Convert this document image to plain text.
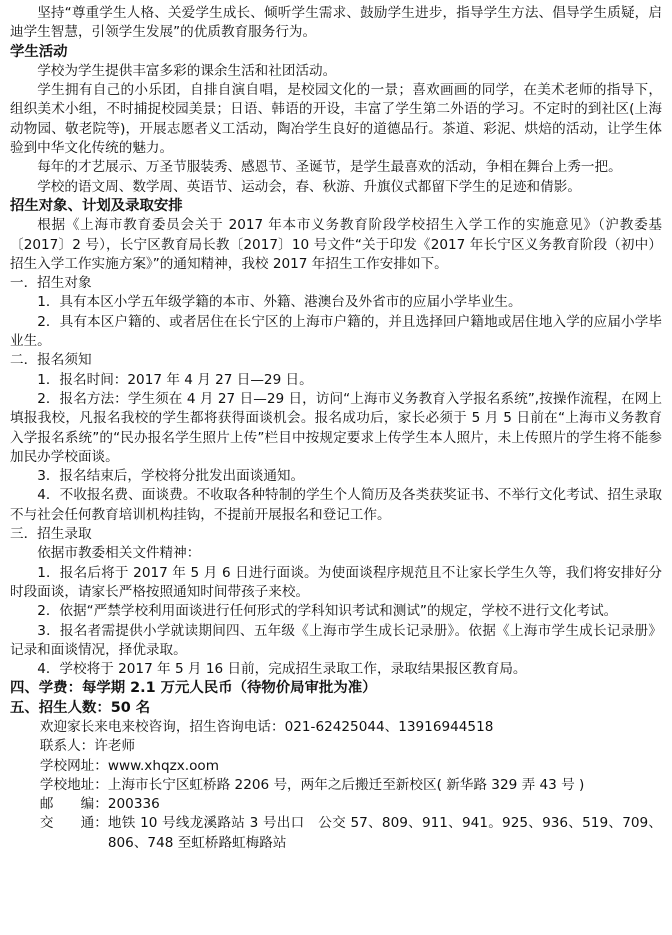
坚持“尊重学生人格、关爱学生成长、倾听学生需求、鼓励学生进步，指导学生方法、倡导学生质疑，启迪学生智慧，引领学生发展”的优质教育服务行为。

学生活动

学校为学生提供丰富多彩的课余生活和社团活动。

学生拥有自己的小乐团，自排自演自唱，是校园文化的一景；喜欢画画的同学，在美术老师的指导下，组织美术小组，不时捕捉校园美景；日语、韩语的开设，丰富了学生第二外语的学习。不定时的到社区(上海动物园、敬老院等)，开展志愿者义工活动，陶冶学生良好的道德品行。茶道、彩泥、烘焙的活动，让学生体验到中华文化传统的魅力。

每年的才艺展示、万圣节服装秀、感恩节、圣诞节，是学生最喜欢的活动，争相在舞台上秀一把。

学校的语文周、数学周、英语节、运动会，春、秋游、升旗仪式都留下学生的足迹和倩影。

招生对象、计划及录取安排

根据《上海市教育委员会关于 2017 年本市义务教育阶段学校招生入学工作的实施意见》（沪教委基〔2017〕2 号），长宁区教育局长教〔2017〕10 号文件“关于印发《2017 年长宁区义务教育阶段（初中） 招生入学工作实施方案》”的通知精神，我校 2017 年招生工作安排如下。

一．招生对象

1．具有本区小学五年级学籍的本市、外籍、港澳台及外省市的应届小学毕业生。

2．具有本区户籍的、或者居住在长宁区的上海市户籍的，并且选择回户籍地或居住地入学的应届小学毕业生。

二．报名须知

1．报名时间：2017 年 4 月 27 日—29 日。

2．报名方法：学生须在 4 月 27 日—29 日，访问“上海市义务教育入学报名系统”,按操作流程，在网上填报我校，凡报名我校的学生都将获得面谈机会。报名成功后，家长必须于 5 月 5 日前在“上海市义务教育入学报名系统”的“民办报名学生照片上传”栏目中按规定要求上传学生本人照片，未上传照片的学生将不能参加民办学校面谈。

3．报名结束后，学校将分批发出面谈通知。

4．不收报名费、面谈费。不收取各种特制的学生个人简历及各类获奖证书、不举行文化考试、招生录取不与社会任何教育培训机构挂钩，不提前开展报名和登记工作。

三．招生录取

依据市教委相关文件精神：

1．报名后将于 2017 年 5 月 6 日进行面谈。为使面谈程序规范且不让家长学生久等，我们将安排好分时段面谈，请家长严格按照通知时间带孩子来校。

2．依据“严禁学校利用面谈进行任何形式的学科知识考试和测试”的规定，学校不进行文化考试。

3．报名者需提供小学就读期间四、五年级《上海市学生成长记录册》。依据《上海市学生成长记录册》记录和面谈情况，择优录取。

4．学校将于 2017 年 5 月 16 日前，完成招生录取工作，录取结果报区教育局。

四、学费：每学期 2.1 万元人民币（待物价局审批为准）

五、招生人数：50 名

欢迎家长来电来校咨询，招生咨询电话：021-62425044、13916944518

联系人：许老师

学校网址： www.xhqzx.oom
学校地址： 上海市长宁区虹桥路 2206 号，两年之后搬迁至新校区( 新华路 329 弄 43 号 )
邮　　编： 200336
交　　通： 地铁 10 号线龙溪路站 3 号出口　公交 57、809、911、941。925、936、519、709、806、748 至虹桥路虹梅路站
